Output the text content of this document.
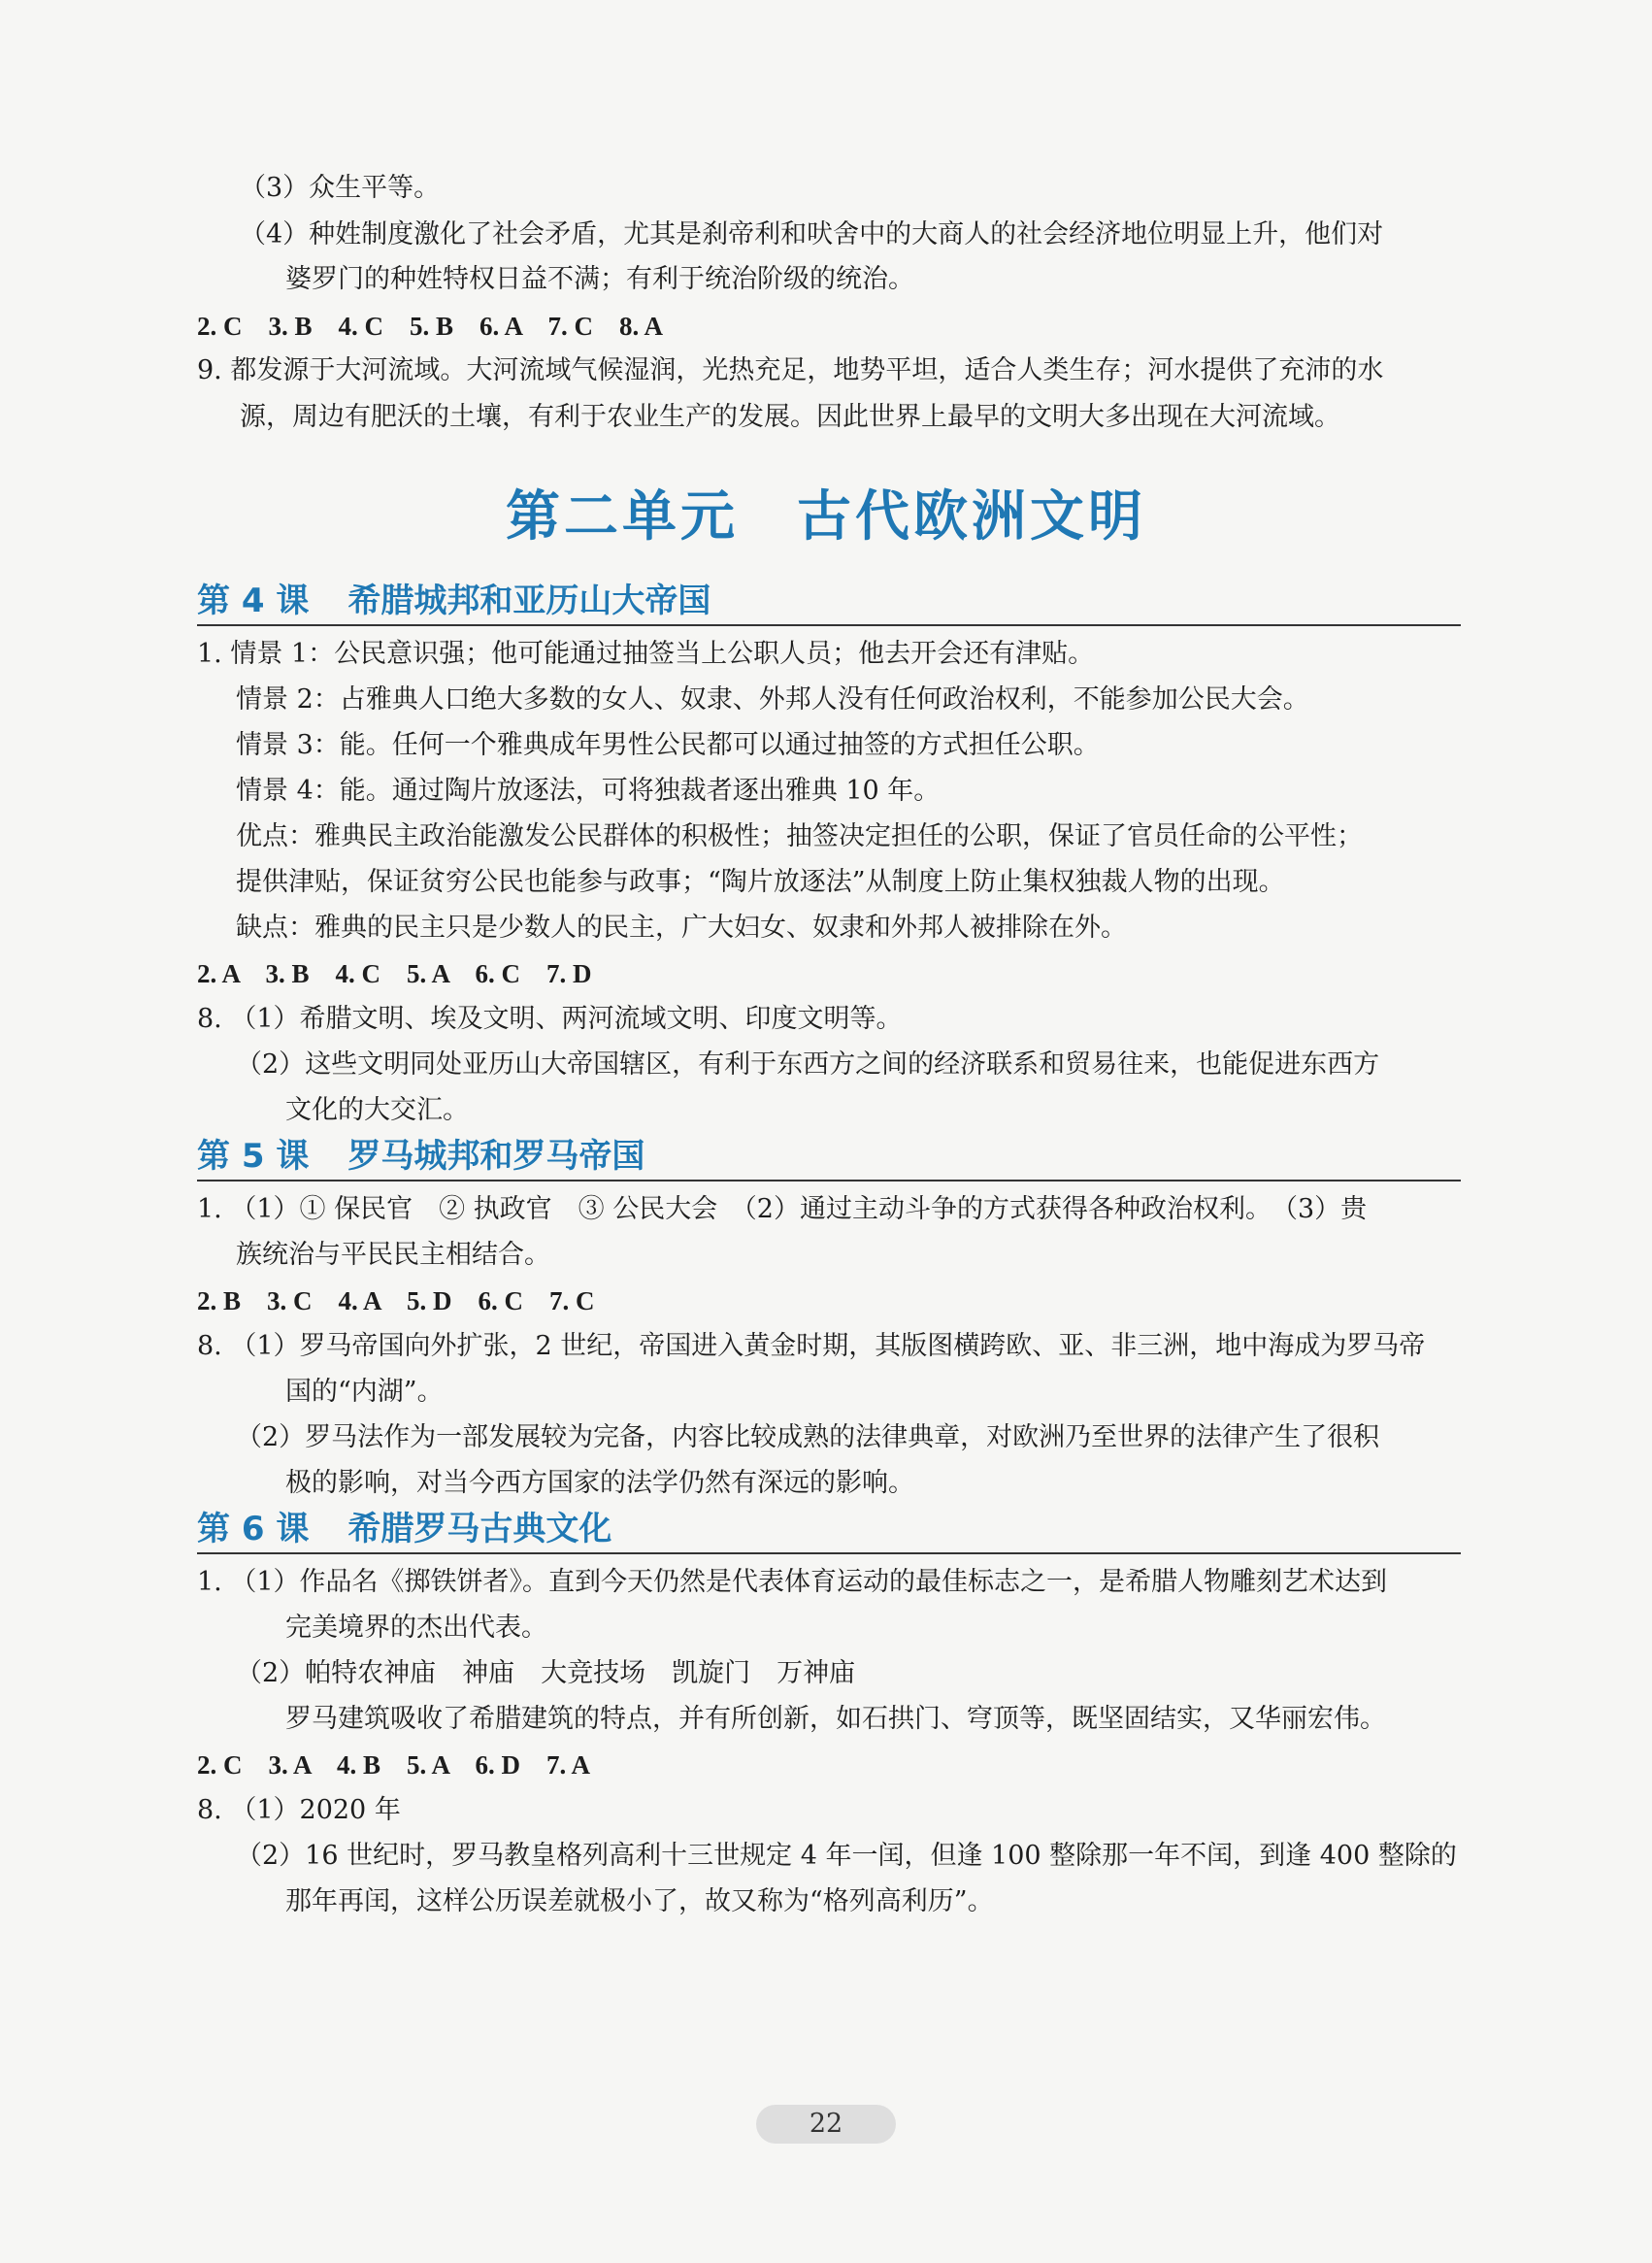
（3）众生平等。
（4）种姓制度激化了社会矛盾，尤其是刹帝利和吠舍中的大商人的社会经济地位明显上升，他们对
婆罗门的种姓特权日益不满；有利于统治阶级的统治。
2. C　3. B　4. C　5. B　6. A　7. C　8. A
9. 都发源于大河流域。大河流域气候湿润，光热充足，地势平坦，适合人类生存；河水提供了充沛的水
源，周边有肥沃的土壤，有利于农业生产的发展。因此世界上最早的文明大多出现在大河流域。
第二单元　古代欧洲文明
第 4 课 希腊城邦和亚历山大帝国
1. 情景 1：公民意识强；他可能通过抽签当上公职人员；他去开会还有津贴。
情景 2：占雅典人口绝大多数的女人、奴隶、外邦人没有任何政治权利，不能参加公民大会。
情景 3：能。任何一个雅典成年男性公民都可以通过抽签的方式担任公职。
情景 4：能。通过陶片放逐法，可将独裁者逐出雅典 10 年。
优点：雅典民主政治能激发公民群体的积极性；抽签决定担任的公职，保证了官员任命的公平性；
提供津贴，保证贫穷公民也能参与政事；“陶片放逐法”从制度上防止集权独裁人物的出现。
缺点：雅典的民主只是少数人的民主，广大妇女、奴隶和外邦人被排除在外。
2. A　3. B　4. C　5. A　6. C　7. D
8. （1）希腊文明、埃及文明、两河流域文明、印度文明等。
（2）这些文明同处亚历山大帝国辖区，有利于东西方之间的经济联系和贸易往来，也能促进东西方
文化的大交汇。
第 5 课 罗马城邦和罗马帝国
1. （1）① 保民官　② 执政官　③ 公民大会　（2）通过主动斗争的方式获得各种政治权利。　（3）贵
族统治与平民民主相结合。
2. B　3. C　4. A　5. D　6. C　7. C
8. （1）罗马帝国向外扩张，2 世纪，帝国进入黄金时期，其版图横跨欧、亚、非三洲，地中海成为罗马帝
国的“内湖”。
（2）罗马法作为一部发展较为完备，内容比较成熟的法律典章，对欧洲乃至世界的法律产生了很积
极的影响，对当今西方国家的法学仍然有深远的影响。
第 6 课 希腊罗马古典文化
1. （1）作品名《掷铁饼者》。直到今天仍然是代表体育运动的最佳标志之一，是希腊人物雕刻艺术达到
完美境界的杰出代表。
（2）帕特农神庙　神庙　大竞技场　凯旋门　万神庙
罗马建筑吸收了希腊建筑的特点，并有所创新，如石拱门、穹顶等，既坚固结实，又华丽宏伟。
2. C　3. A　4. B　5. A　6. D　7. A
8. （1）2020 年
（2）16 世纪时，罗马教皇格列高利十三世规定 4 年一闰，但逢 100 整除那一年不闰，到逢 400 整除的
那年再闰，这样公历误差就极小了，故又称为“格列高利历”。
22
